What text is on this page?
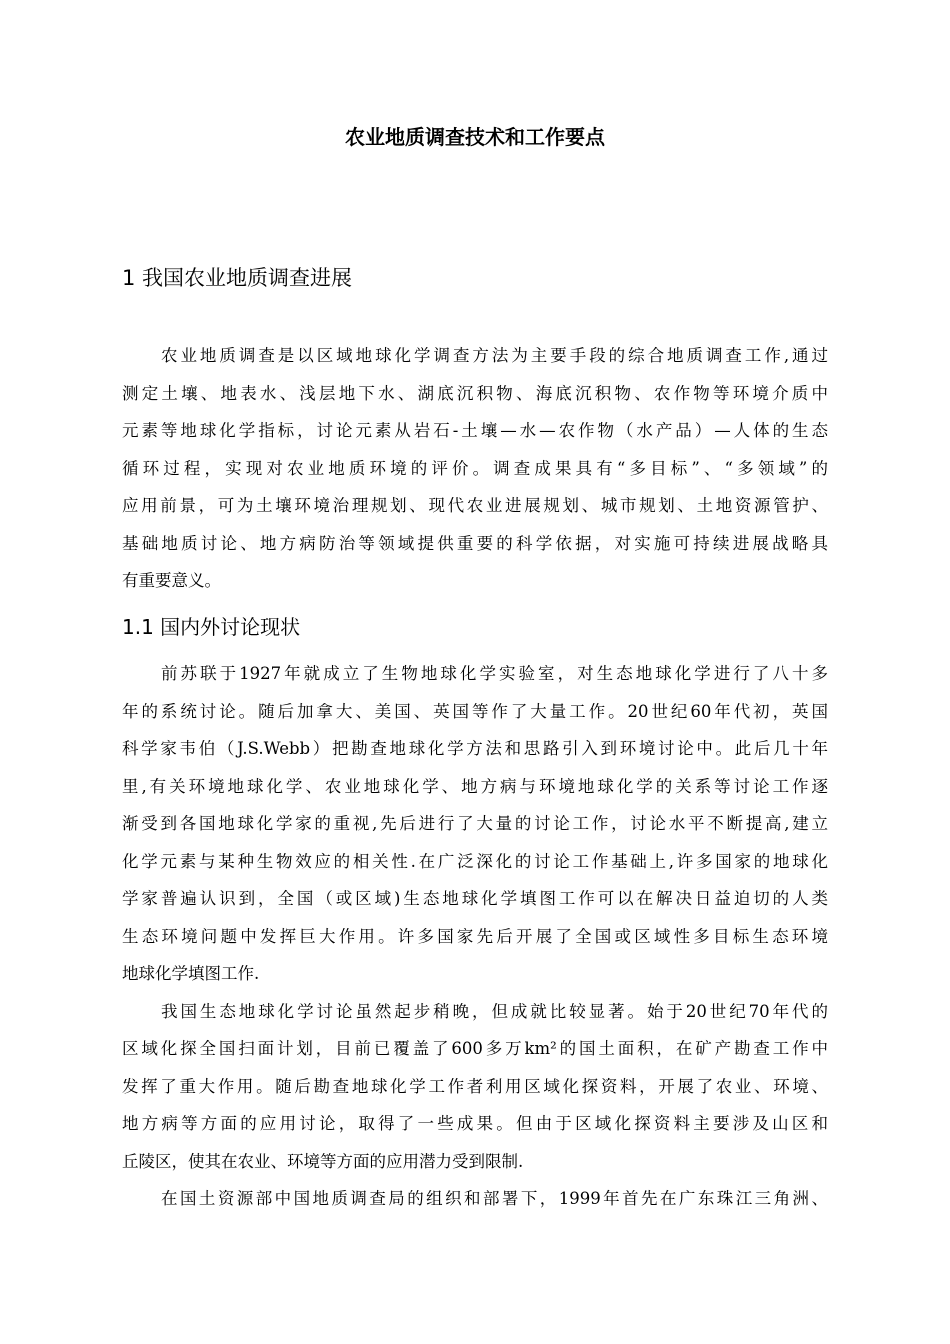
农业地质调查技术和工作要点
1 我国农业地质调查进展
农业地质调查是以区域地球化学调查方法为主要手段的综合地质调查工作,通过
测定土壤、地表水、浅层地下水、湖底沉积物、海底沉积物、农作物等环境介质中
元素等地球化学指标，讨论元素从岩石-土壤—水—农作物（水产品）—人体的生态
循环过程，实现对农业地质环境的评价。调查成果具有“多目标”、“多领域”的
应用前景，可为土壤环境治理规划、现代农业进展规划、城市规划、土地资源管护、
基础地质讨论、地方病防治等领域提供重要的科学依据，对实施可持续进展战略具
有重要意义。
1.1 国内外讨论现状
前苏联于1927年就成立了生物地球化学实验室，对生态地球化学进行了八十多
年的系统讨论。随后加拿大、美国、英国等作了大量工作。20世纪60年代初，英国
科学家韦伯（J.S.Webb）把勘查地球化学方法和思路引入到环境讨论中。此后几十年
里,有关环境地球化学、农业地球化学、地方病与环境地球化学的关系等讨论工作逐
渐受到各国地球化学家的重视,先后进行了大量的讨论工作，讨论水平不断提高,建立
化学元素与某种生物效应的相关性.在广泛深化的讨论工作基础上,许多国家的地球化
学家普遍认识到，全国（或区域)生态地球化学填图工作可以在解决日益迫切的人类
生态环境问题中发挥巨大作用。许多国家先后开展了全国或区域性多目标生态环境
地球化学填图工作.
我国生态地球化学讨论虽然起步稍晚，但成就比较显著。始于20世纪70年代的
区域化探全国扫面计划，目前已覆盖了600多万km²的国土面积，在矿产勘查工作中
发挥了重大作用。随后勘查地球化学工作者利用区域化探资料，开展了农业、环境、
地方病等方面的应用讨论，取得了一些成果。但由于区域化探资料主要涉及山区和
丘陵区，使其在农业、环境等方面的应用潜力受到限制.
在国土资源部中国地质调查局的组织和部署下，1999年首先在广东珠江三角洲、
